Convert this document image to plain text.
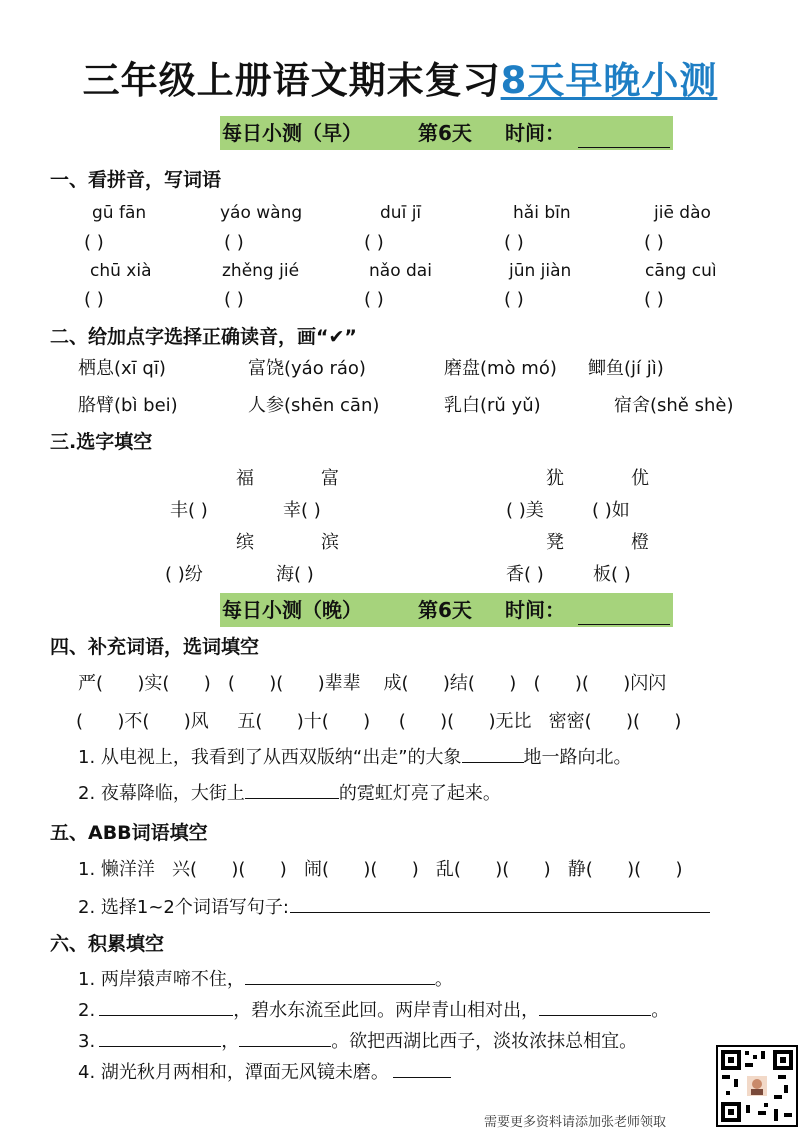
三年级上册语文期末复习8天早晚小测
每日小测（早）	第6天 时间：
一、看拼音，写词语
gū fān	yáo wàng	duī jī	hǎi bīn	jiē dào
( )	( )	( )	( )	( )
chū xià	zhěng jié	nǎo dai	jūn jiàn	cāng cuì
( )	( )	( )	( )	( )
二、给加点字选择正确读音，画“✔”
栖息(xī qī)	富饶(yáo ráo)	磨盘(mò mó) 鲫鱼(jí jì)
胳臂(bì bei)	人参(shēn cān)	乳白(rǔ yǔ)	宿舍(shě shè)
三.选字填空
福	富	犹	优
丰( )	幸( )	( )美	( )如
缤	滨	凳	橙
( )纷	海( )	香( )	板( )
每日小测（晚）	第6天 时间：
四、补充词语，选词填空
严(      )实(      )   (      )(      )辈辈    成(      )结(      )   (      )(      )闪闪
(      )不(      )风     五(      )十(      )     (      )(      )无比   密密(      )(      )
1. 从电视上，我看到了从西双版纳“出走”的大象	地一路向北。
2. 夜幕降临，大街上	的霓虹灯亮了起来。
五、ABB词语填空
1. 懒洋洋   兴(      )(      )   闹(      )(      )   乱(      )(      )   静(      )(      )
2. 选择1~2个词语写句子:
六、积累填空
1. 两岸猿声啼不住，	。
2.	，碧水东流至此回。两岸青山相对出，	。
3.	，	。欲把西湖比西子，淡妆浓抹总相宜。
4. 湖光秋月两相和，潭面无风镜未磨。
需要更多资料请添加张老师领取
